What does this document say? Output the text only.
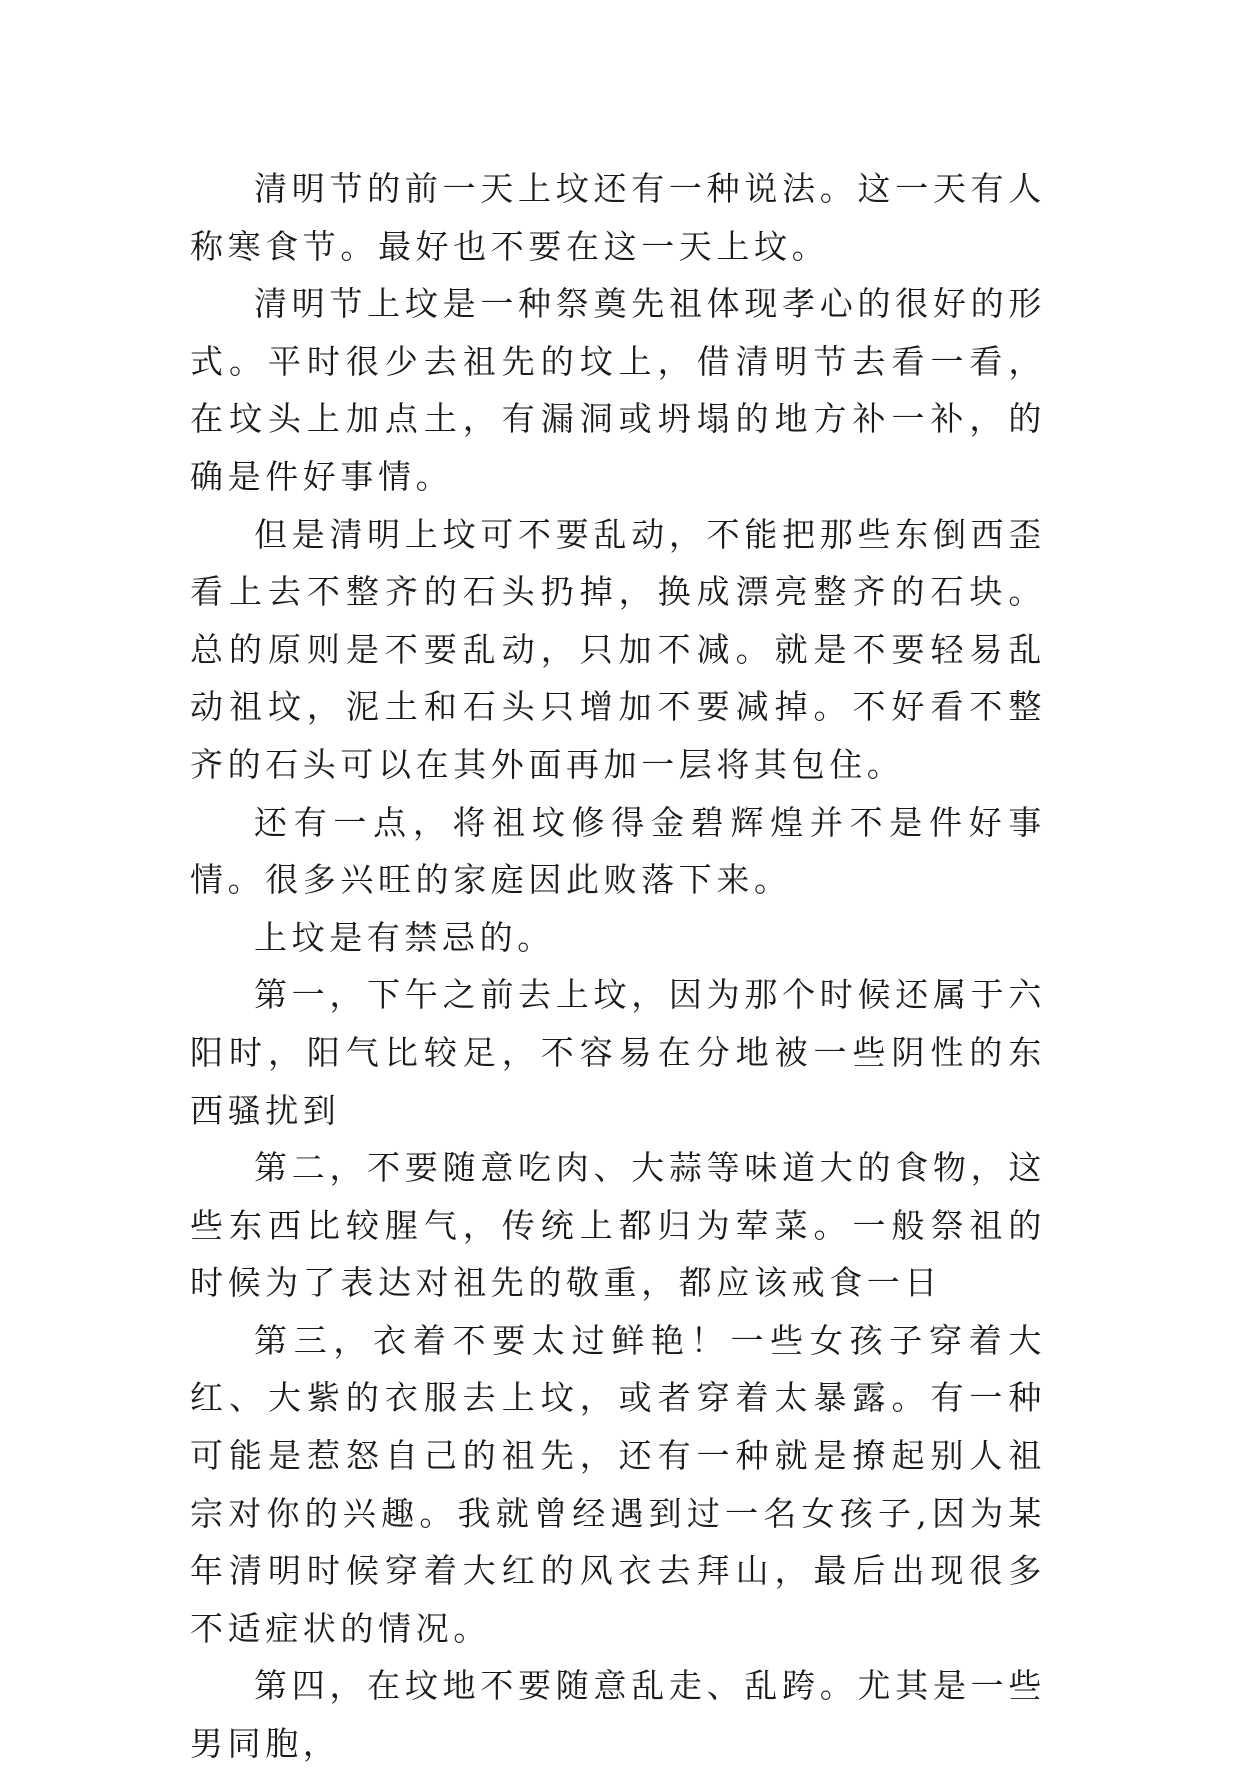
清明节的前一天上坟还有一种说法。这一天有人称寒食节。最好也不要在这一天上坟。

清明节上坟是一种祭奠先祖体现孝心的很好的形式。平时很少去祖先的坟上，借清明节去看一看，在坟头上加点土，有漏洞或坍塌的地方补一补，的确是件好事情。

但是清明上坟可不要乱动，不能把那些东倒西歪看上去不整齐的石头扔掉，换成漂亮整齐的石块。总的原则是不要乱动，只加不减。就是不要轻易乱动祖坟，泥土和石头只增加不要减掉。不好看不整齐的石头可以在其外面再加一层将其包住。

还有一点，将祖坟修得金碧辉煌并不是件好事情。很多兴旺的家庭因此败落下来。

上坟是有禁忌的。

第一，下午之前去上坟，因为那个时候还属于六阳时，阳气比较足，不容易在分地被一些阴性的东西骚扰到

第二，不要随意吃肉、大蒜等味道大的食物，这些东西比较腥气，传统上都归为荤菜。一般祭祖的时候为了表达对祖先的敬重，都应该戒食一日

第三，衣着不要太过鲜艳！一些女孩子穿着大红、大紫的衣服去上坟，或者穿着太暴露。有一种可能是惹怒自己的祖先，还有一种就是撩起别人祖宗对你的兴趣。我就曾经遇到过一名女孩子,因为某年清明时候穿着大红的风衣去拜山，最后出现很多不适症状的情况。

第四，在坟地不要随意乱走、乱跨。尤其是一些男同胞，
